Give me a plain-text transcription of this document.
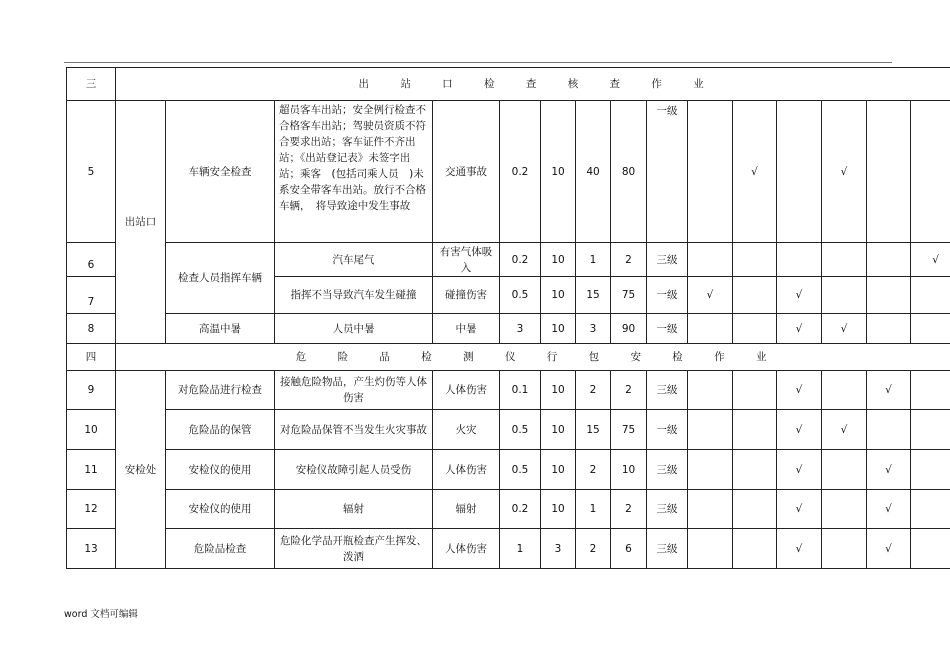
三	出 站 口 检 查 核 查 作 业														
5	出站口	车辆安全检查	超员客车出站；安全例行检查不合格客车出站；驾驶员资质不符合要求出站；客车证件不齐出站；《出站登记表》未签字出站；乘客　(包括司乘人员　)未系安全带客车出站。放行不合格车辆，　将导致途中发生事故	交通事故	0.2	10	40	80	一级		√		√		
6		检查人员指挥车辆	汽车尾气	有害气体吸入	0.2	10	1	2	三级						√
7			指挥不当导致汽车发生碰撞	碰撞伤害	0.5	10	15	75	一级	√		√			
8		高温中暑	人员中暑	中暑	3	10	3	90	一级			√	√		
四	危 险 品 检 测 仪 行 包 安 检 作 业														
9	安检处	对危险品进行检查	接触危险物品，产生灼伤等人体伤害	人体伤害	0.1	10	2	2	三级			√		√	
10		危险品的保管	对危险品保管不当发生火灾事故	火灾	0.5	10	15	75	一级			√	√		
11		安检仪的使用	安检仪故障引起人员受伤	人体伤害	0.5	10	2	10	三级			√		√	
12		安检仪的使用	辐射	辐射	0.2	10	1	2	三级			√		√	
13		危险品检查	危险化学品开瓶检查产生挥发、泼洒	人体伤害	1	3	2	6	三级			√		√	
word 文档可编辑
